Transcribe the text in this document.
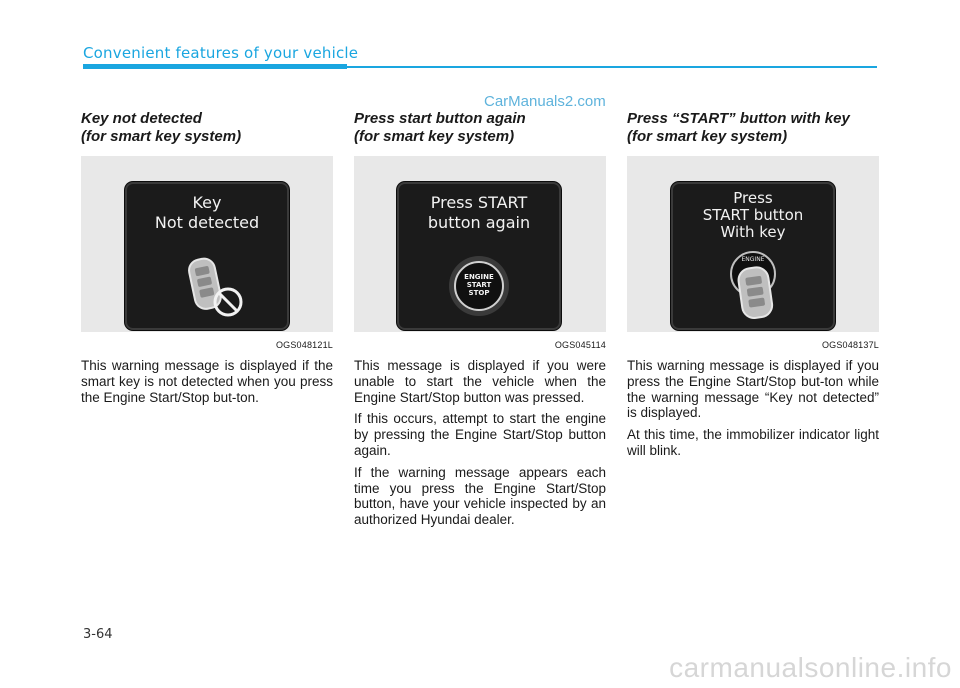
Convenient features of your vehicle
CarManuals2.com
Key not detected
(for smart key system)
Key
Not detected
OGS048121L

This warning message is displayed if the smart key is not detected when you press the Engine Start/Stop but-ton.

Press start button again
(for smart key system)
Press START
button again
ENGINE
START
STOP
OGS045114

This message is displayed if you were unable to start the vehicle when the Engine Start/Stop button was pressed.

If this occurs, attempt to start the engine by pressing the Engine Start/Stop button again.

If the warning message appears each time you press the Engine Start/Stop button, have your vehicle inspected by an authorized Hyundai dealer.

Press “START” button with key
(for smart key system)
Press
START button
With key
ENGINE
OGS048137L

This warning message is displayed if you press the Engine Start/Stop but-ton while the warning message “Key not detected” is displayed.

At this time, the immobilizer indicator light will blink.

3-64
carmanualsonline.info
